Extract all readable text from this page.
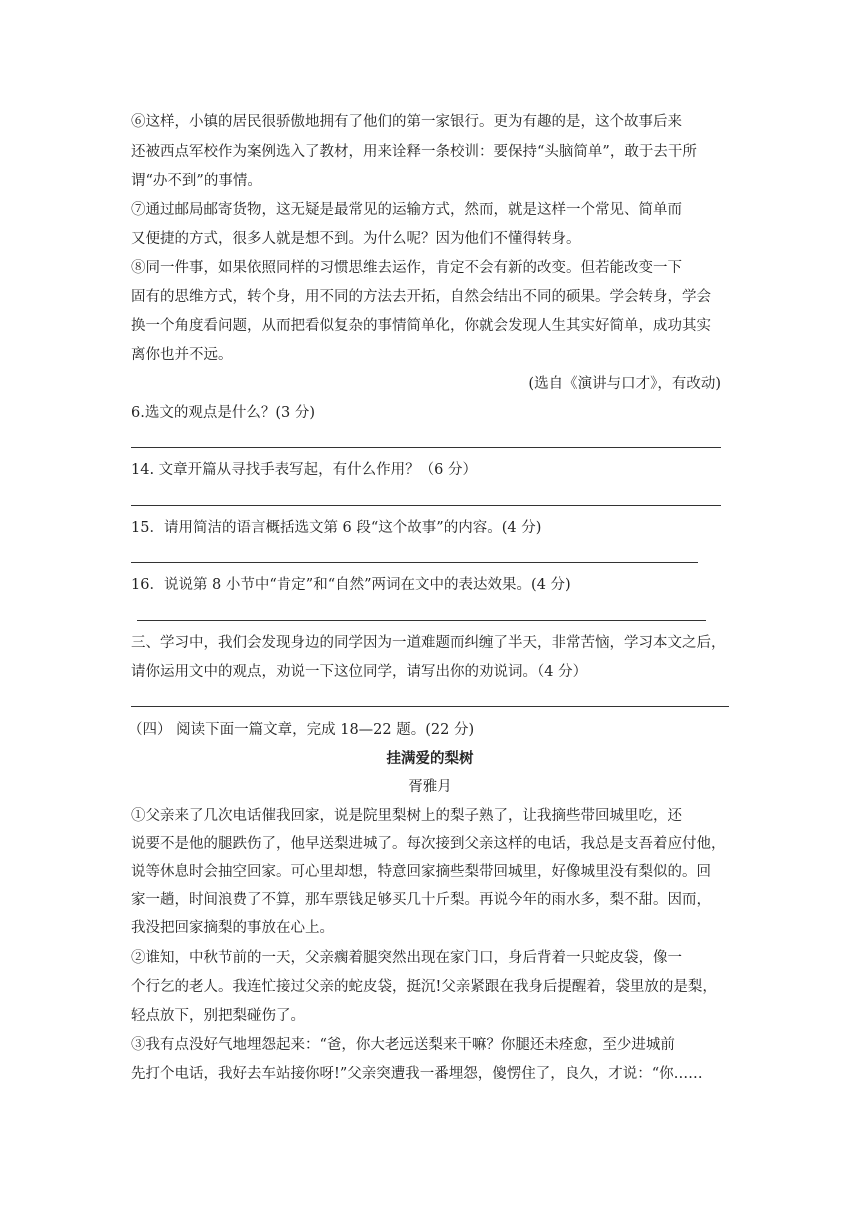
⑥这样，小镇的居民很骄傲地拥有了他们的第一家银行。更为有趣的是，这个故事后来
还被西点军校作为案例选入了教材，用来诠释一条校训：要保持“头脑简单”，敢于去干所
谓“办不到”的事情。
⑦通过邮局邮寄货物，这无疑是最常见的运输方式，然而，就是这样一个常见、简单而
又便捷的方式，很多人就是想不到。为什么呢？因为他们不懂得转身。
⑧同一件事，如果依照同样的习惯思维去运作，肯定不会有新的改变。但若能改变一下
固有的思维方式，转个身，用不同的方法去开拓，自然会结出不同的硕果。学会转身，学会
换一个角度看问题，从而把看似复杂的事情简单化，你就会发现人生其实好简单，成功其实
离你也并不远。
(选自《演讲与口才》，有改动)
6.选文的观点是什么？(3 分)
14. 文章开篇从寻找手表写起，有什么作用？（6 分）
15．请用简洁的语言概括选文第 6 段“这个故事”的内容。(4 分)
16．说说第 8 小节中“肯定”和“自然”两词在文中的表达效果。(4 分)
三、学习中，我们会发现身边的同学因为一道难题而纠缠了半天，非常苦恼，学习本文之后，
请你运用文中的观点，劝说一下这位同学，请写出你的劝说词。（4 分）
（四） 阅读下面一篇文章，完成 18—22 题。(22 分)
挂满爱的梨树
胥雅月
①父亲来了几次电话催我回家，说是院里梨树上的梨子熟了，让我摘些带回城里吃，还
说要不是他的腿跌伤了，他早送梨进城了。每次接到父亲这样的电话，我总是支吾着应付他，
说等休息时会抽空回家。可心里却想，特意回家摘些梨带回城里，好像城里没有梨似的。回
家一趟，时间浪费了不算，那车票钱足够买几十斤梨。再说今年的雨水多，梨不甜。因而，
我没把回家摘梨的事放在心上。
②谁知，中秋节前的一天，父亲瘸着腿突然出现在家门口，身后背着一只蛇皮袋，像一
个行乞的老人。我连忙接过父亲的蛇皮袋，挺沉!父亲紧跟在我身后提醒着，袋里放的是梨，
轻点放下，别把梨碰伤了。
③我有点没好气地埋怨起来：“爸，你大老远送梨来干嘛？你腿还未痊愈，至少进城前
先打个电话，我好去车站接你呀!”父亲突遭我一番埋怨，傻愣住了，良久，才说：“你……
